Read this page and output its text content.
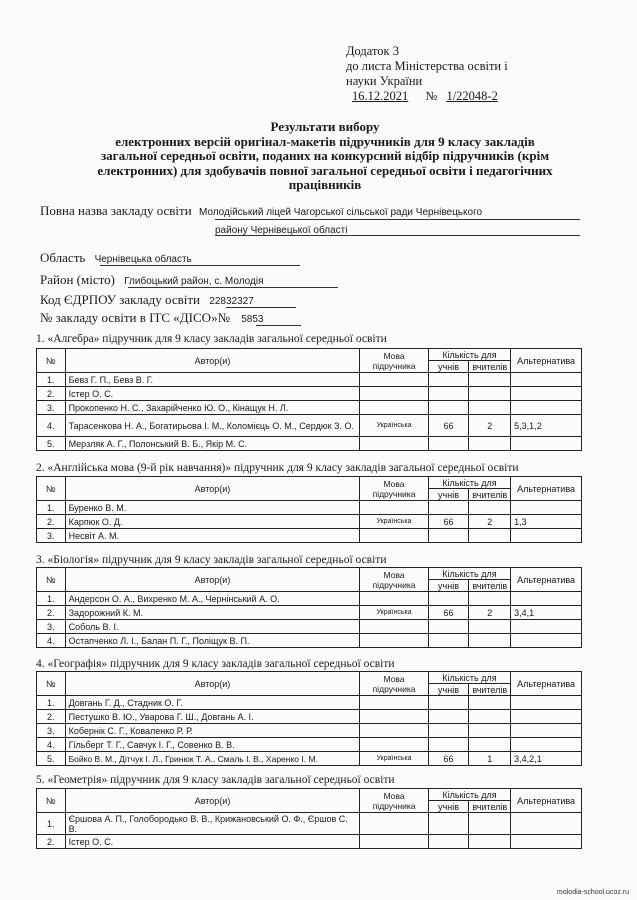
Додаток 3
до листа Міністерства освіти і
науки України
16.12.2021 № 1/22048-2
Результати вибору
електронних версій оригінал-макетів підручників для 9 класу закладів
загальної середньої освіти, поданих на конкурсний відбір підручників (крім
електронних) для здобувачів повної загальної середньої освіти і педагогічних
працівників
Повна назва закладу освіти Молодійський ліцей Чагорської сільської ради Чернівецького
району Чернівецької області
Область Чернівецька область
Район (місто) Глибоцький район, с. Молодія
Код ЄДРПОУ закладу освіти 22832327
№ закладу освіти в ІТС «ДІСО»№ 5853
1. «Алгебра» підручник для 9 класу закладів загальної середньої освіти
№	Автор(и)	Мова підручника	Кількість для		Альтернатива
			учнів	вчителів	
1.	Бевз Г. П., Бевз В. Г.				
2.	Істер О. С.				
3.	Прокопенко Н. С., Захарійченко Ю. О., Кінащук Н. Л.				
4.	Тарасенкова Н. А., Богатирьова І. М., Коломієць О. М., Сердюк З. О.	Українська	66	2	5,3,1,2
5.	Мерзляк А. Г., Полонський В. Б., Якір М. С.				
2. «Англійська мова (9-й рік навчання)» підручник для 9 класу закладів загальної середньої освіти
№	Автор(и)	Мова підручника	Кількість для		Альтернатива
			учнів	вчителів	
1.	Буренко В. М.				
2.	Карпюк О. Д.	Українська	66	2	1,3
3.	Несвіт А. М.				
3. «Біологія» підручник для 9 класу закладів загальної середньої освіти
№	Автор(и)	Мова підручника	Кількість для		Альтернатива
			учнів	вчителів	
1.	Андерсон О. А., Вихренко М. А., Чернінський А. О.				
2.	Задорожний К. М.	Українська	66	2	3,4,1
3.	Соболь В. І.				
4.	Остапченко Л. І., Балан П. Г., Поліщук В. П.				
4. «Географія» підручник для 9 класу закладів загальної середньої освіти
№	Автор(и)	Мова підручника	Кількість для		Альтернатива
			учнів	вчителів	
1.	Довгань Г. Д., Стадник О. Г.				
2.	Пестушко В. Ю., Уварова Г. Ш., Довгань А. І.				
3.	Кобернік С. Г., Коваленко Р. Р.				
4.	Гільберг Т. Г., Савчук І. Г., Совенко В. В.				
5.	Бойко В. М., Дітчук І. Л., Гринюк Т. А., Смаль І. В., Харенко І. М.	Українська	66	1	3,4,2,1
5. «Геометрія» підручник для 9 класу закладів загальної середньої освіти
№	Автор(и)	Мова підручника	Кількість для		Альтернатива
			учнів	вчителів	
1.	Єршова А. П., Голобородько В. В., Крижановський О. Ф., Єршов С. В.				
2.	Істер О. С.				
molodia-school.ucoz.ru
